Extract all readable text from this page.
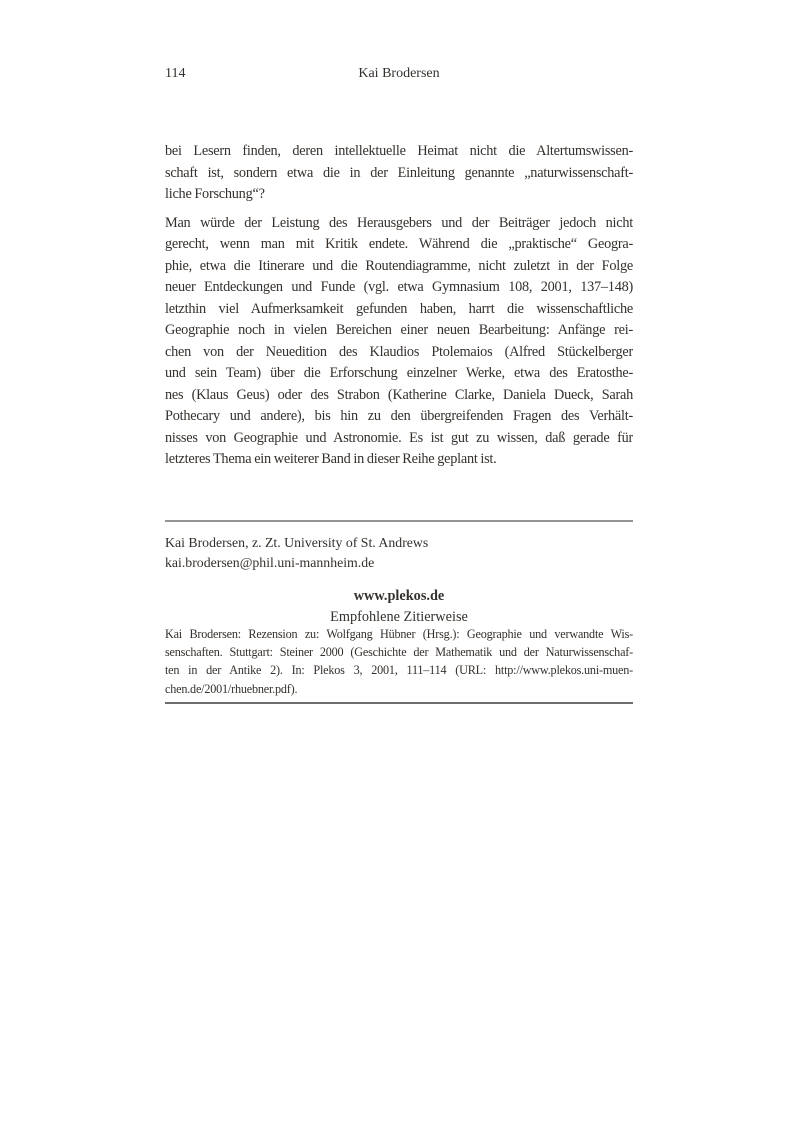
114	Kai Brodersen
bei Lesern finden, deren intellektuelle Heimat nicht die Altertumswissen-
schaft ist, sondern etwa die in der Einleitung genannte „naturwissenschaft-
liche Forschung“?
Man würde der Leistung des Herausgebers und der Beiträger jedoch nicht
gerecht, wenn man mit Kritik endete. Während die „praktische“ Geogra-
phie, etwa die Itinerare und die Routendiagramme, nicht zuletzt in der Folge
neuer Entdeckungen und Funde (vgl. etwa Gymnasium 108, 2001, 137–148)
letzthin viel Aufmerksamkeit gefunden haben, harrt die wissenschaftliche
Geographie noch in vielen Bereichen einer neuen Bearbeitung: Anfänge rei-
chen von der Neuedition des Klaudios Ptolemaios (Alfred Stückelberger
und sein Team) über die Erforschung einzelner Werke, etwa des Eratosthe-
nes (Klaus Geus) oder des Strabon (Katherine Clarke, Daniela Dueck, Sarah
Pothecary und andere), bis hin zu den übergreifenden Fragen des Verhält-
nisses von Geographie und Astronomie. Es ist gut zu wissen, daß gerade für
letzteres Thema ein weiterer Band in dieser Reihe geplant ist.
Kai Brodersen, z. Zt. University of St. Andrews
kai.brodersen@phil.uni-mannheim.de
www.plekos.de
Empfohlene Zitierweise
Kai Brodersen: Rezension zu: Wolfgang Hübner (Hrsg.): Geographie und verwandte Wis-
senschaften. Stuttgart: Steiner 2000 (Geschichte der Mathematik und der Naturwissenschaf-
ten in der Antike 2). In: Plekos 3, 2001, 111–114 (URL: http://www.plekos.uni-muen-
chen.de/2001/rhuebner.pdf).
